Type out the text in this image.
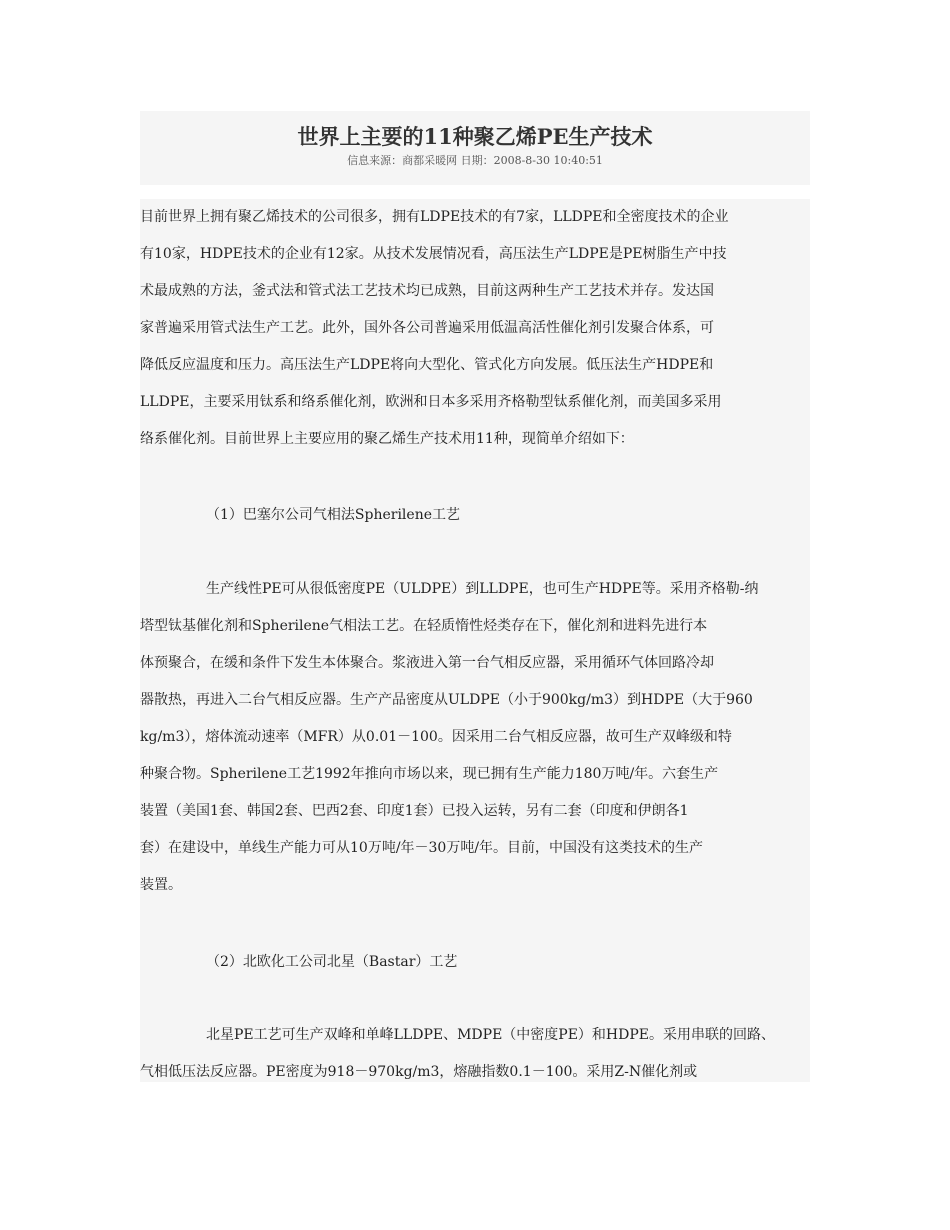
世界上主要的11种聚乙烯PE生产技术
信息来源：商都采暖网 日期：2008-8-30 10:40:51
目前世界上拥有聚乙烯技术的公司很多，拥有LDPE技术的有7家，LLDPE和全密度技术的企业
有10家，HDPE技术的企业有12家。从技术发展情况看，高压法生产LDPE是PE树脂生产中技
术最成熟的方法，釜式法和管式法工艺技术均已成熟，目前这两种生产工艺技术并存。发达国
家普遍采用管式法生产工艺。此外，国外各公司普遍采用低温高活性催化剂引发聚合体系，可
降低反应温度和压力。高压法生产LDPE将向大型化、管式化方向发展。低压法生产HDPE和
LLDPE，主要采用钛系和络系催化剂，欧洲和日本多采用齐格勒型钛系催化剂，而美国多采用
络系催化剂。目前世界上主要应用的聚乙烯生产技术用11种，现简单介绍如下：
（1）巴塞尔公司气相法Spherilene工艺
生产线性PE可从很低密度PE（ULDPE）到LLDPE，也可生产HDPE等。采用齐格勒-纳
塔型钛基催化剂和Spherilene气相法工艺。在轻质惰性烃类存在下，催化剂和进料先进行本
体预聚合，在缓和条件下发生本体聚合。浆液进入第一台气相反应器，采用循环气体回路冷却
器散热，再进入二台气相反应器。生产产品密度从ULDPE（小于900kg/m3）到HDPE（大于960
kg/m3），熔体流动速率（MFR）从0.01－100。因采用二台气相反应器，故可生产双峰级和特
种聚合物。Spherilene工艺1992年推向市场以来，现已拥有生产能力180万吨/年。六套生产
装置（美国1套、韩国2套、巴西2套、印度1套）已投入运转，另有二套（印度和伊朗各1
套）在建设中，单线生产能力可从10万吨/年－30万吨/年。目前，中国没有这类技术的生产
装置。
（2）北欧化工公司北星（Bastar）工艺
北星PE工艺可生产双峰和单峰LLDPE、MDPE（中密度PE）和HDPE。采用串联的回路、
气相低压法反应器。PE密度为918－970kg/m3，熔融指数0.1－100。采用Z-N催化剂或
